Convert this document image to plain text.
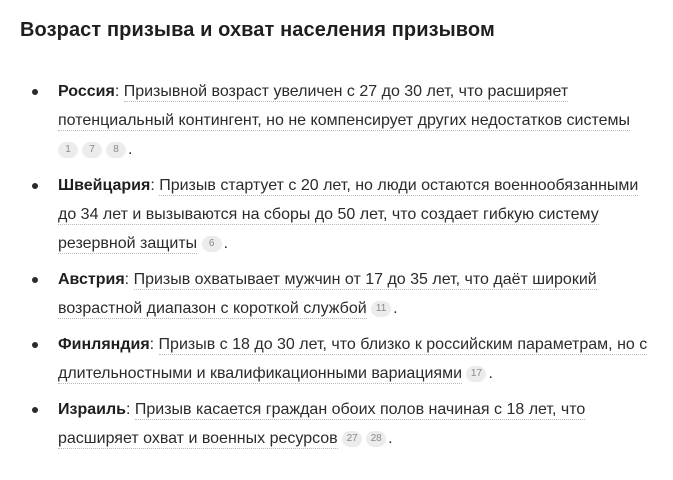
Возраст призыва и охват населения призывом
Россия: Призывной возраст увеличен с 27 до 30 лет, что расширяет потенциальный контингент, но не компенсирует других недостатков системы 1 7 8 .
Швейцария: Призыв стартует с 20 лет, но люди остаются военнообязанными до 34 лет и вызываются на сборы до 50 лет, что создает гибкую систему резервной защиты 6 .
Австрия: Призыв охватывает мужчин от 17 до 35 лет, что даёт широкий возрастной диапазон с короткой службой 11 .
Финляндия: Призыв с 18 до 30 лет, что близко к российским параметрам, но с длительностными и квалификационными вариациями 17 .
Израиль: Призыв касается граждан обоих полов начиная с 18 лет, что расширяет охват и военных ресурсов 27 28 .
